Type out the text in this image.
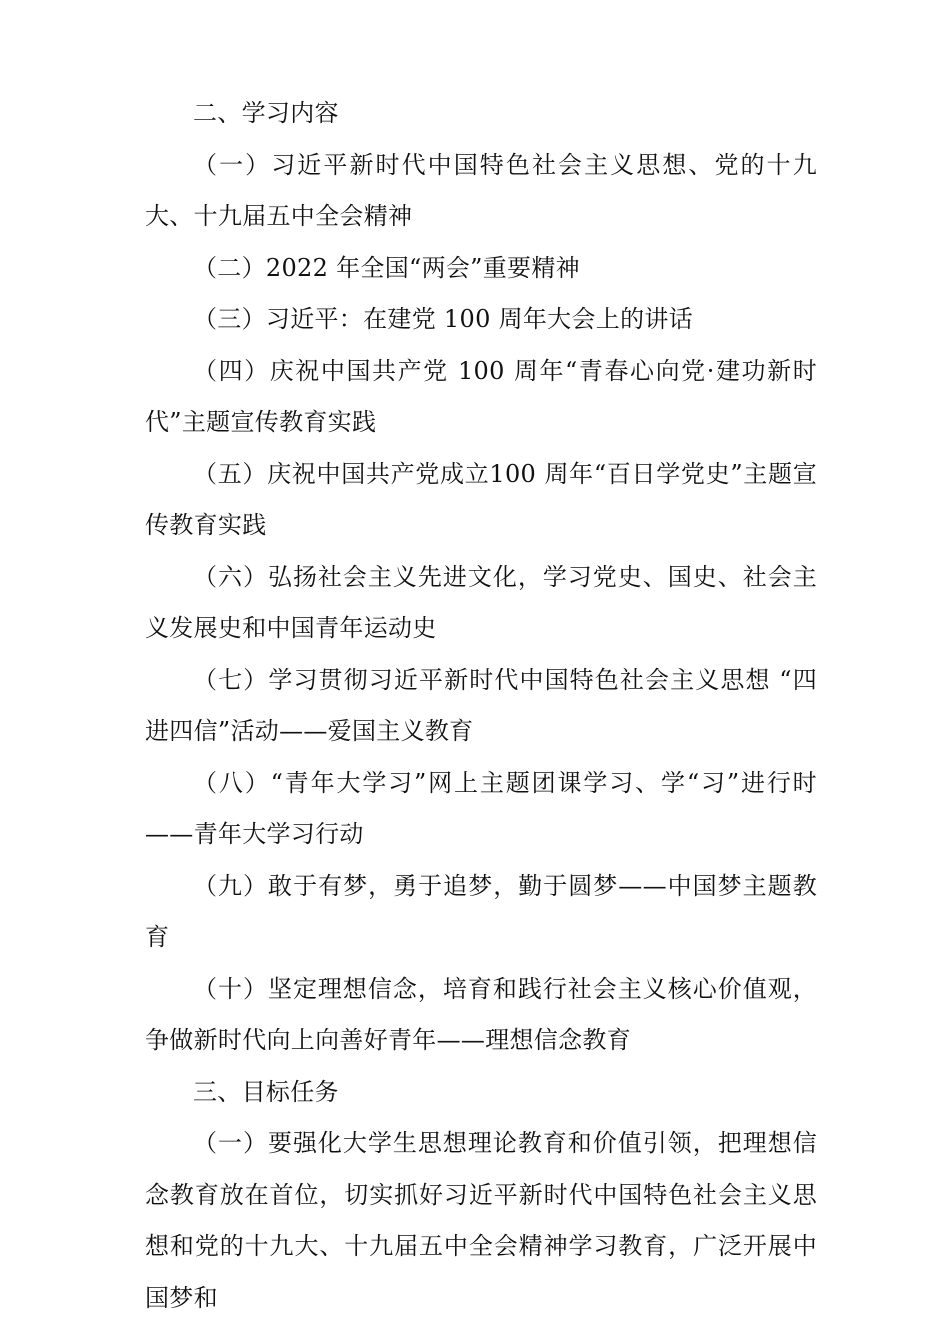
二、学习内容

（一）习近平新时代中国特色社会主义思想、党的十九大、十九届五中全会精神

（二）2022 年全国“两会”重要精神

（三）习近平：在建党 100 周年大会上的讲话

（四）庆祝中国共产党 100 周年“青春心向党·建功新时代”主题宣传教育实践

（五）庆祝中国共产党成立100 周年“百日学党史”主题宣传教育实践

（六）弘扬社会主义先进文化，学习党史、国史、社会主义发展史和中国青年运动史

（七）学习贯彻习近平新时代中国特色社会主义思想 “四进四信”活动——爱国主义教育

（八）“青年大学习”网上主题团课学习、学“习”进行时——青年大学习行动

（九）敢于有梦，勇于追梦，勤于圆梦——中国梦主题教育

（十）坚定理想信念，培育和践行社会主义核心价值观，争做新时代向上向善好青年——理想信念教育

三、目标任务

（一）要强化大学生思想理论教育和价值引领，把理想信念教育放在首位，切实抓好习近平新时代中国特色社会主义思想和党的十九大、十九届五中全会精神学习教育，广泛开展中国梦和
